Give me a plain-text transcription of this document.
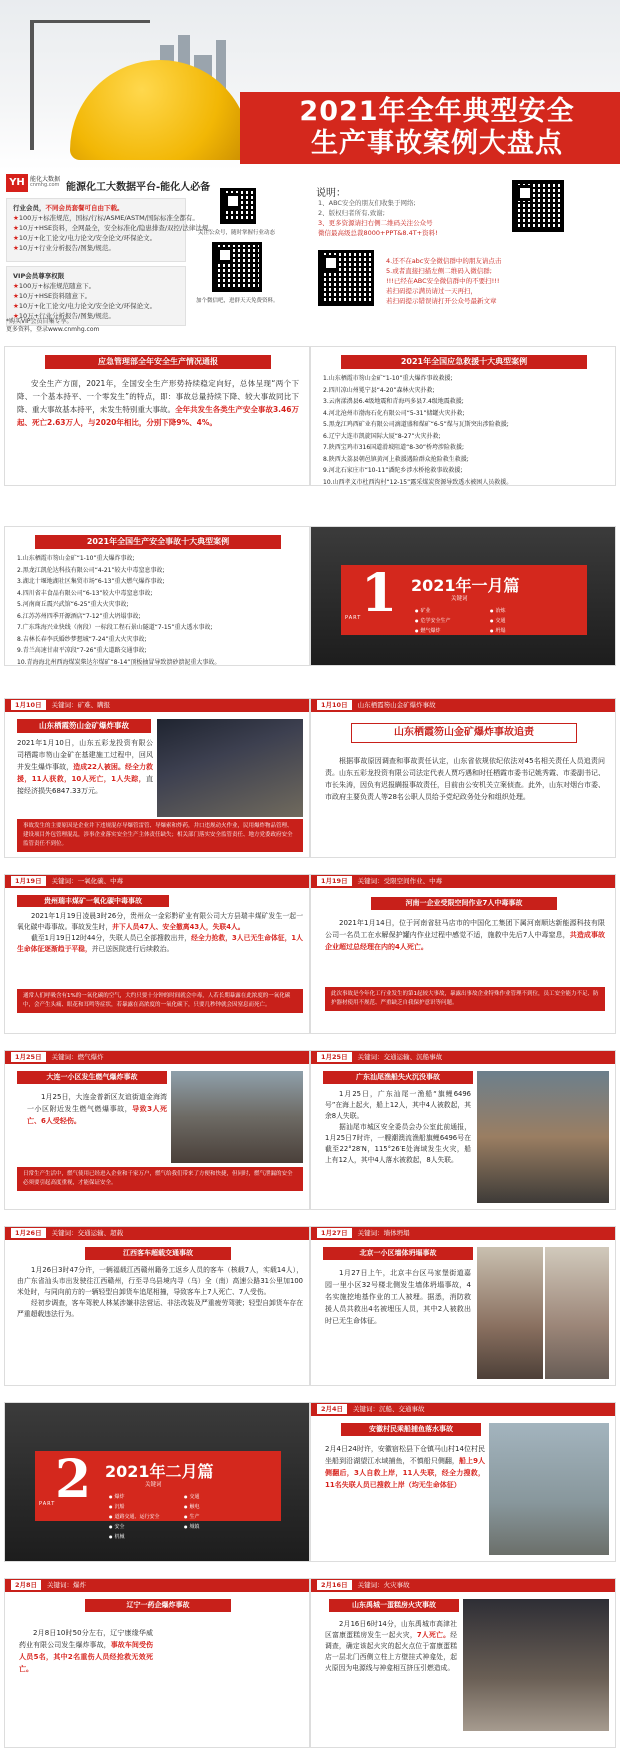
2021年全年典型安全
生产事故案例大盘点
YH 能化大数据
cnmhg.com 能源化工大数据平台-能化人必备
行业会员，不同会员套餐可自由下载。
★100万+标准规范，国标/行标/ASME/ASTM/国际标准全都有。
★10万+HSE资料，全网最全，安全标准化/隐患排查/双控/法律法规。
★10万+化工论文/电力论文/安全论文/环保论文。
★10万+行业分析报告/图集/规范。
VIP会员尊享权限
★100万+标准规范随意下。
★10万+HSE资料随意下。
★10万+化工论文/电力论文/安全论文/环保论文。
★10万+行业分析报告/图集/规范。
*购买VIP会员自集专享。
更多资料，登录www.cnmhg.com
关注公众号，随时掌握行业动态
加个微信吧，进群天天免费资料。
说明：
1、ABC安全的朋友们收集于网络;
2、版权归者所有,致谢;
3、更多资源请扫右侧二维码关注公众号
微信最高级总裁8000+PPT&8.4T+资料!
4.还不在abc安全微信群中的朋友请点击
5.或者直接扫描左侧二维码入微信群;
!!!已经在ABC安全微信群中的不要扫!!!
若扫码提示满员请过一天再扫，
若扫码提示错误请打开公众号最新文章
应急管理部全年安全生产情况通报

安全生产方面，2021年，全国安全生产形势持续稳定向好，总体呈现“两个下降、一个基本持平、一个零发生”的特点，即：事故总量持续下降、较大事故同比下降、重大事故基本持平，未发生特别重大事故。全年共发生各类生产安全事故3.46万起、死亡2.63万人，与2020年相比，分别下降9%、4%。

2021年全国应急救援十大典型案例
1.山东栖霞市笏山金矿“1-10”重大爆炸事故救援;
2.四川凉山州冕宁县“4-20”森林火灾扑救;
3.云南漾濞县6.4级地震和青海玛多县7.4级地震救援;
4.河北沧州市渤海石化有限公司“5-31”储罐火灾扑救;
5.黑龙江鸡西矿业有限公司滴道盛和煤矿“6-5”煤与瓦斯突出涉险救援;
6.辽宁大连市凯旋国际大厦“8-27”火灾扑救;
7.陕西宝鸡市316国道滑坡阻道“8-30”桥垮涉险救援;
8.陕西大荔县朝邑镇黄河上救援遇险群众抢险救生救援;
9.河北石家庄市“10-11”潘陀乡涉水桥抢救事故救援;
10.山西孝义市杜西沟村“12-15”露采煤炭资源导致透水被困人员救援。
2021年全国生产安全事故十大典型案例
1.山东栖霞市笏山金矿“1-10”重大爆炸事故;
2.黑龙江凯伦达科技有限公司“4-21”较大中毒窒息事故;
3.湖北十堰地湖社区集贸市场“6-13”重大燃气爆炸事故;
4.四川省丰食品有限公司“6-13”较大中毒窒息事故;
5.河南商丘震兴武馆“6-25”重大火灾事故;
6.江苏苏州四季开源酒店“7-12”重大坍塌事故;
7.广东珠海兴业快线（南段）一标段工程石景山隧道“7-15”重大透水事故;
8.吉林长春李氏婚纱梦想城“7-24”重大火灾事故;
9.青兰高速甘肃平凉段“7-26”重大道路交通事故;
10.青海海北州西海煤炭柴达尔煤矿“8-14”顶板抽冒导致溃砂溃泥重大事故。
1
PART
2021年一月篇
关键词
● 矿业	● 冶炼 ● 危学安全生产	● 交通 ● 燃气爆炸	● 坍塌
1月10日 关键词：矿难、瞒报
山东栖霞笏山金矿爆炸事故

2021年1月10日，山东五彩龙投资有限公司栖霞市笏山金矿在基建施工过程中，回风井发生爆炸事故，造成22人被困。经全力救援，11人获救，10人死亡，1人失踪，直接经济损失6847.33万元。

事故发生的主要原因是企业井下违规混存导爆管雷管、导爆索和炸药，井口违规动火作业，民用爆炸物品管理、建设项目外包管理混乱，涉事企业落实安全生产主体责任缺失；相关部门落实安全监管责任、地方党委政府安全监管责任不到位。
1月10日 山东栖霞笏山金矿爆炸事故
山东栖霞笏山金矿爆炸事故追责

根据事故原因调查和事故责任认定，山东省依规依纪依法对45名相关责任人员追责问责。山东五彩龙投资有限公司法定代表人贾巧遇和时任栖霞市委书记姚秀霞、市委副书记、市长朱涛，因负有迟报瞒报事故责任，目前由公安机关立案侦查。此外，山东对烟台市委、市政府主要负责人等28名公职人员给予党纪政务处分和组织处理。

1月19日 关键词：一氧化碳、中毒
贵州瑞丰煤矿一氧化碳中毒事故

2021年1月19日凌晨3时26分，贵州众一金彩黔矿业有限公司大方县瑞丰煤矿发生一起一氧化碳中毒事故。事故发生时，井下人员47人、安全撤离43人，失联4人。
截至1月19日12时44分，失联人员已全部搜救出井，经全力抢救，3人已无生命体征，1人生命体征逐渐趋于平稳，并已送医院进行后续救治。

通常人们呼吸含有1%的一氧化碳的空气，大约只要十分钟的时间就会中毒，人若长期暴露在此浓度的一氧化碳中，会产生头痛、眼花和耳鸣等症状，若暴露在高浓度的一氧化碳下，只要几秒钟就会因窒息而死亡。
1月19日 关键词：受限空间作业、中毒
河南一企业受限空间作业7人中毒事故

2021年1月14日，位于河南省驻马店市的中国化工集团下属河南顺达新能源科技有限公司一名员工在水解保护罐内作业过程中感觉不适，施救中先后7人中毒窒息，共造成事故企业超过总经理在内的4人死亡。

此次事故是今年化工行业发生的第1起较大事故，暴露出事故企业特殊作业管理不到位，员工安全能力不足、防护器材使用不规范、严重缺乏自我保护意识等问题。
1月25日 关键词：燃气爆炸
大连一小区发生燃气爆炸事故

1月25日，大连金普新区友谊街道金海湾一小区附近发生燃气燃爆事故，导致3人死亡、6人受轻伤。

日常生产生活中，燃气使用已经进入企业和千家万户，燃气给我们带来了方便和快捷，但同时，燃气泄漏的安全必须要引起高度重视，才能保证安全。
1月25日 关键词：交通运输、沉船事故
广东汕尾渔船失火沉没事故

1月25日，广东汕尾一渔船“旗鲤6496号”在海上起火，船上12人，其中4人被救起，其余8人失联。
据汕尾市城区安全委员会办公室此前通报，1月25日7时许，一艘潮澳流渔船旗鲤6496号在截至22°28′N，115°26′E处海域发生火灾，船上有12人，其中4人落水被救起，8人失联。

1月26日 关键词：交通运输、超载
江西客车超载交通事故

1月26日3时47分许，一辆福载江西赣州籍务工返乡人员的客车（核载7人，实载14人），由广东省汕头市出发驶往江西赣州，行至寻乌县境内寻（乌）全（南）高速公路31公里加100米处时，与同向前方的一辆轻型自卸货车追尾相撞，导致客车上7人死亡、7人受伤。
经初步调查，客车驾驶人林某涉嫌非法营运、非法改装及严重疲劳驾驶；轻型自卸货车存在严重超载违法行为。

1月27日 关键词：墙体坍塌
北京一小区墙体坍塌事故

1月27日上午，北京丰台区马家堡街道嘉园一里小区32号楼北侧发生墙体坍塌事故，4名实施挖地基作业的工人被埋。据悉，消防救援人员共救出4名被埋压人员，其中2人被救出时已无生命体征。

2
PART
2021年二月篇
关键词
● 爆炸	● 交通 ● 沉船	● 触电 ● 道路交通、运行安全	● 生产 ● 安全	● 城镇 ● 机械
2月4日 关键词：沉船、交通事故
安徽村民乘船捕鱼落水事故

2月4日24时许，安徽宿松县下仓镇马山村14位村民坐船到沿湖望江水域捕鱼，不慎船只侧翻，船上9人侧翻后，3人自救上岸，11人失联，经全力搜救，11名失联人员已搜救上岸（均无生命体征）

2月8日 关键词：爆炸
辽宁一药企爆炸事故

2月8日10时50分左右，辽宁康缘华威药业有限公司发生爆炸事故，事故车间受伤人员5名，其中2名重伤人员经抢救无效死亡。

2月16日 关键词：火灾事故
山东禹城一蛋糕房火灾事故

2月16日6时14分，山东禹城市高津社区富康蛋糕房发生一起火灾，7人死亡。经调查，确定该起火灾的起火点位于富康蛋糕店一层北门西侧立柱上方壁挂式神龛处，起火原因为电源线与神龛相互挤压引燃造成。
